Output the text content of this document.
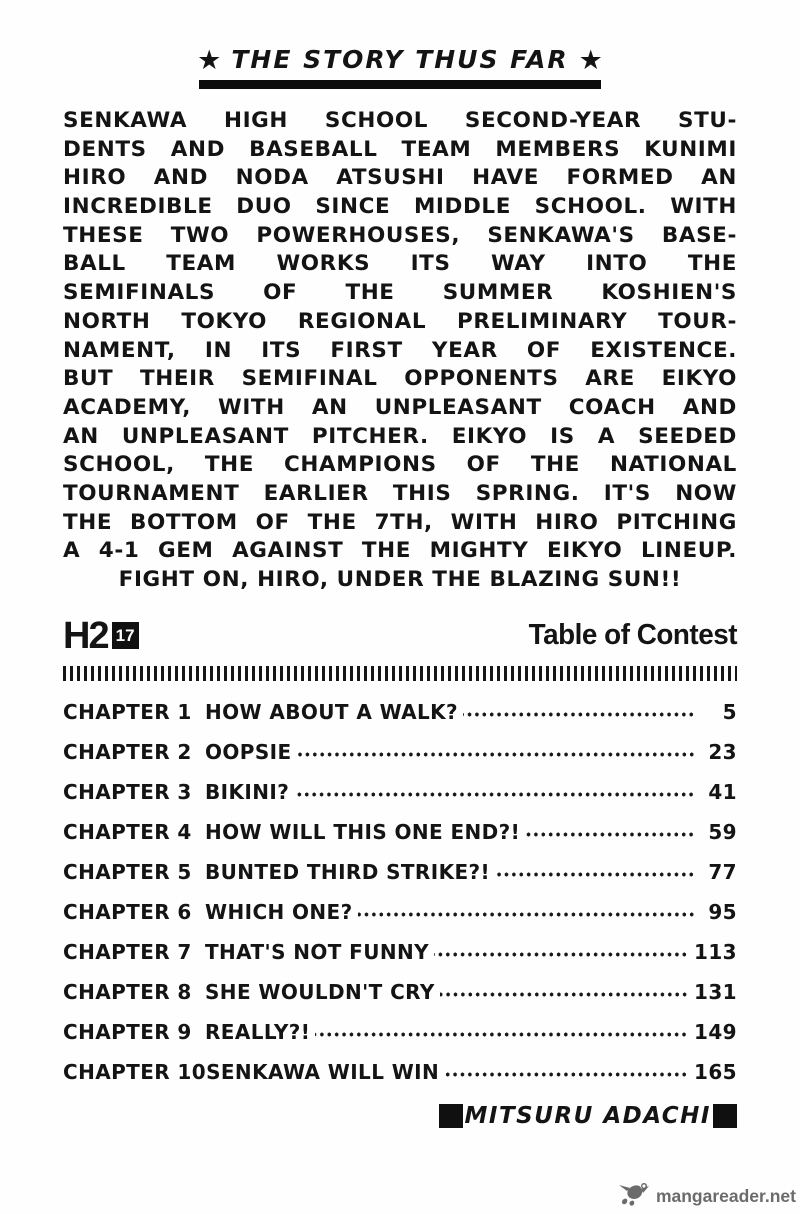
★ THE STORY THUS FAR ★
SENKAWA HIGH SCHOOL SECOND-YEAR STU-
DENTS AND BASEBALL TEAM MEMBERS KUNIMI
HIRO AND NODA ATSUSHI HAVE FORMED AN
INCREDIBLE DUO SINCE MIDDLE SCHOOL. WITH
THESE TWO POWERHOUSES, SENKAWA'S BASE-
BALL TEAM WORKS ITS WAY INTO THE
SEMIFINALS OF THE SUMMER KOSHIEN'S
NORTH TOKYO REGIONAL PRELIMINARY TOUR-
NAMENT, IN ITS FIRST YEAR OF EXISTENCE.
BUT THEIR SEMIFINAL OPPONENTS ARE EIKYO
ACADEMY, WITH AN UNPLEASANT COACH AND
AN UNPLEASANT PITCHER. EIKYO IS A SEEDED
SCHOOL, THE CHAMPIONS OF THE NATIONAL
TOURNAMENT EARLIER THIS SPRING. IT'S NOW
THE BOTTOM OF THE 7TH, WITH HIRO PITCHING
A 4-1 GEM AGAINST THE MIGHTY EIKYO LINEUP.
FIGHT ON, HIRO, UNDER THE BLAZING SUN!!
H2 17	Table of Contest
CHAPTER 1 HOW ABOUT A WALK?	5
CHAPTER 2 OOPSIE	23
CHAPTER 3 BIKINI?	41
CHAPTER 4 HOW WILL THIS ONE END?!	59
CHAPTER 5 BUNTED THIRD STRIKE?!	77
CHAPTER 6 WHICH ONE?	95
CHAPTER 7 THAT'S NOT FUNNY	113
CHAPTER 8 SHE WOULDN'T CRY	131
CHAPTER 9 REALLY?!	149
CHAPTER 10 SENKAWA WILL WIN	165
MITSURU ADACHI
mangareader.net
